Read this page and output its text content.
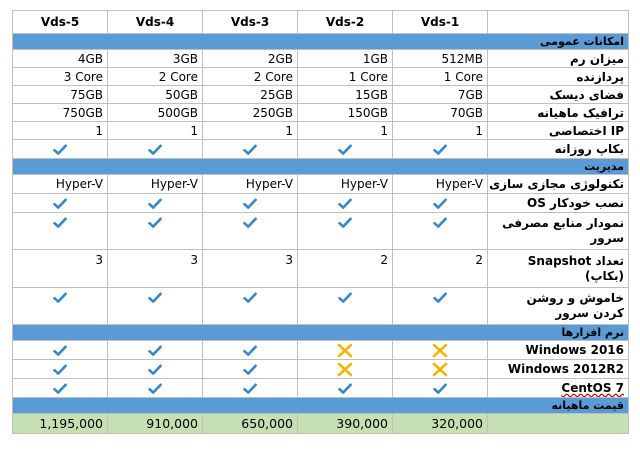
Vds-5	Vds-4	Vds-3	Vds-2	Vds-1	
امکانات عمومی					
4GB	3GB	2GB	1GB	512MB	میزان رم
3 Core	2 Core	2 Core	1 Core	1 Core	پردازنده
75GB	50GB	25GB	15GB	7GB	فضای دیسک
750GB	500GB	250GB	150GB	70GB	ترافیک ماهیانه
1	1	1	1	1	IP اختصاصی
					بکاپ روزانه
مدیریت					
Hyper-V	Hyper-V	Hyper-V	Hyper-V	Hyper-V	تکنولوژی مجازی سازی
					نصب خودکار OS
					نمودار منابع مصرفی سرور
3	3	3	2	2	تعداد Snapshot (بکاپ)
					خاموش و روشن کردن سرور
نرم افزارها					
					Windows 2016
					Windows 2012R2
					CentOS 7
قیمت ماهیانه					
1,195,000	910,000	650,000	390,000	320,000	
